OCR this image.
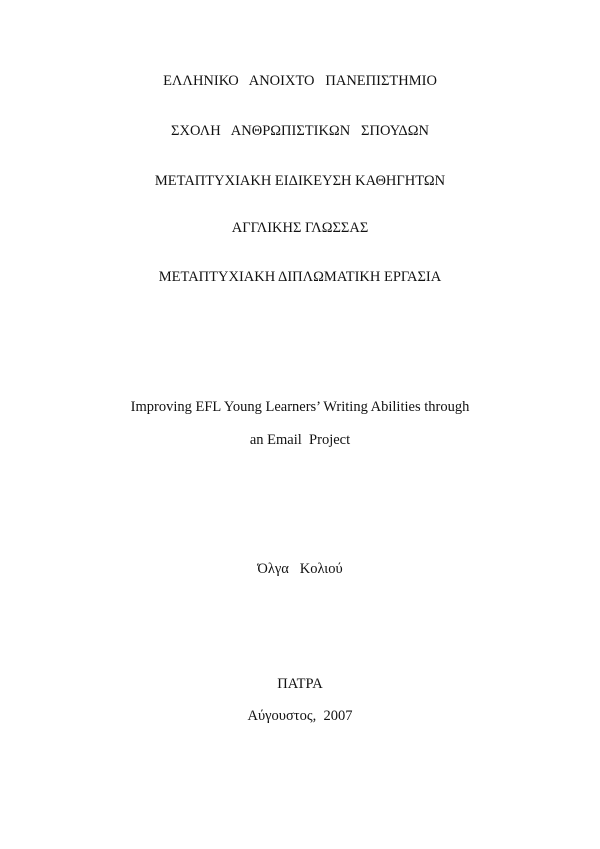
ΕΛΛΗΝΙΚΟ   ΑΝΟΙΧΤΟ   ΠΑΝΕΠΙΣΤΗΜΙΟ
ΣΧΟΛΗ   ΑΝΘΡΩΠΙΣΤΙΚΩΝ   ΣΠΟΥΔΩΝ
ΜΕΤΑΠΤΥΧΙΑΚΗ ΕΙΔΙΚΕΥΣΗ ΚΑΘΗΓΗΤΩΝ
ΑΓΓΛΙΚΗΣ ΓΛΩΣΣΑΣ
ΜΕΤΑΠΤΥΧΙΑΚΗ ΔΙΠΛΩΜΑΤΙΚΗ ΕΡΓΑΣΙΑ
Improving EFL Young Learners’ Writing Abilities through
an Email  Project
Όλγα   Κολιού
ΠΑΤΡΑ
Αύγουστος,  2007
